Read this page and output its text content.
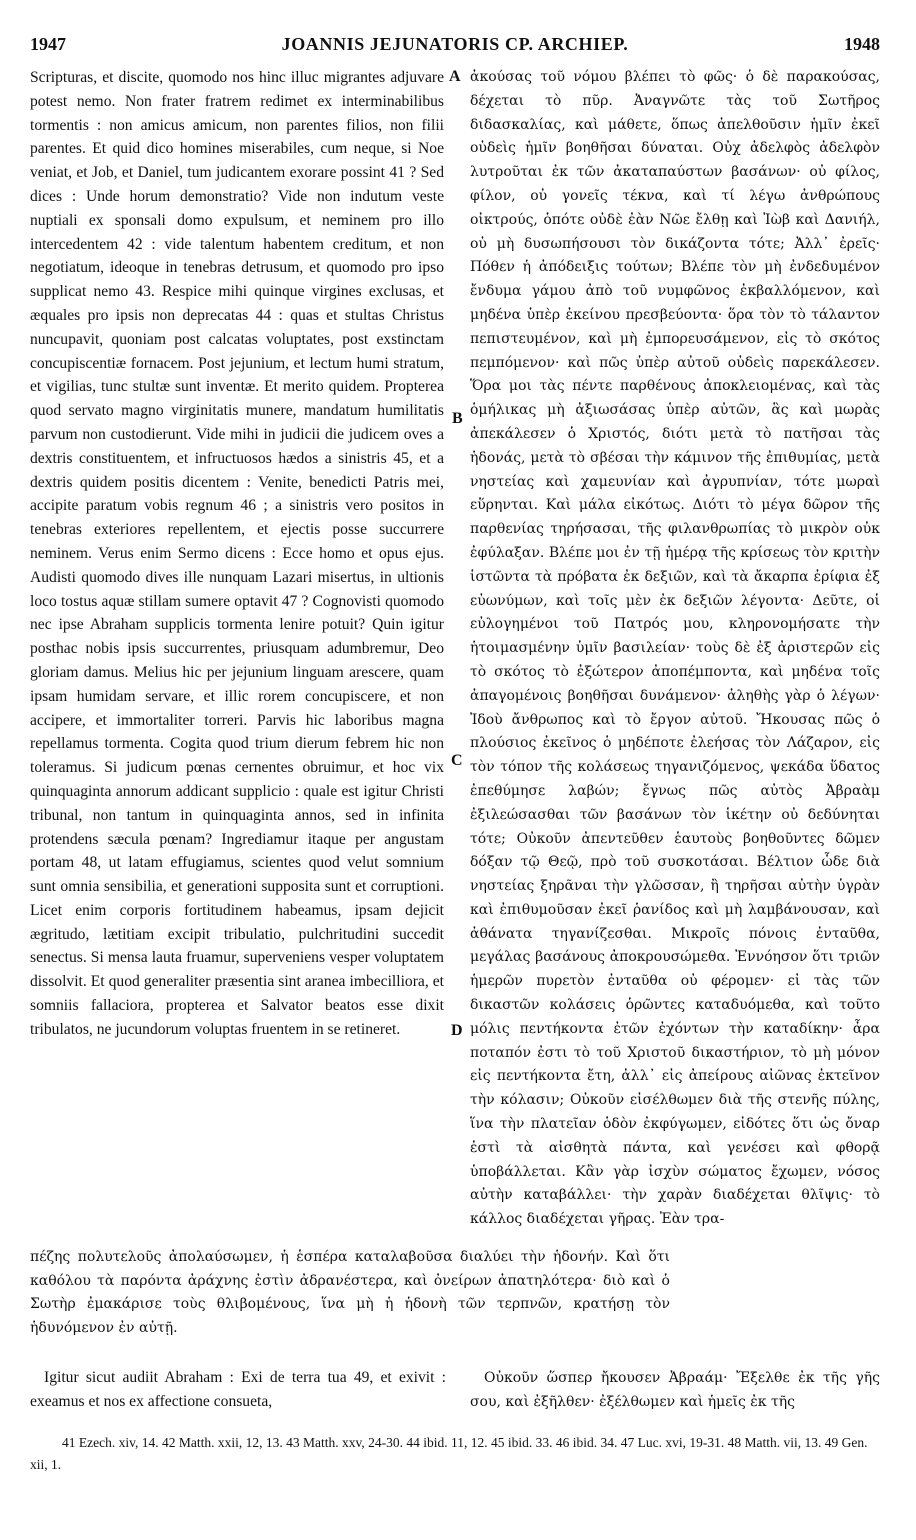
1947	JOANNIS JEJUNATORIS CP. ARCHIEP.	1948

Scripturas, et discite, quomodo nos hinc illuc migrantes adjuvare potest nemo. Non frater fratrem redimet ex interminabilibus tormentis : non amicus amicum, non parentes filios, non filii parentes. Et quid dico homines miserabiles, cum neque, si Noe veniat, et Job, et Daniel, tum judicantem exorare possint 41 ? Sed dices : Unde horum demonstratio? Vide non indutum veste nuptiali ex sponsali domo expulsum, et neminem pro illo intercedentem 42 : vide talentum habentem creditum, et non negotiatum, ideoque in tenebras detrusum, et quomodo pro ipso supplicat nemo 43. Respice mihi quinque virgines exclusas, et æquales pro ipsis non deprecatas 44 : quas et stultas Christus nuncupavit, quoniam post calcatas voluptates, post exstinctam concupiscentiæ fornacem. Post jejunium, et lectum humi stratum, et vigilias, tunc stultæ sunt inventæ. Et merito quidem. Propterea quod servato magno virginitatis munere, mandatum humilitatis parvum non custodierunt. Vide mihi in judicii die judicem oves a dextris constituentem, et infructuosos hædos a sinistris 45, et a dextris quidem positis dicentem : Venite, benedicti Patris mei, accipite paratum vobis regnum 46 ; a sinistris vero positos in tenebras exteriores repellentem, et ejectis posse succurrere neminem. Verus enim Sermo dicens : Ecce homo et opus ejus. Audisti quomodo dives ille nunquam Lazari misertus, in ultionis loco tostus aquæ stillam sumere optavit 47 ? Cognovisti quomodo nec ipse Abraham supplicis tormenta lenire potuit? Quin igitur posthac nobis ipsis succurrentes, priusquam adumbremur, Deo gloriam damus. Melius hic per jejunium linguam arescere, quam ipsam humidam servare, et illic rorem concupiscere, et non accipere, et immortaliter torreri. Parvis hic laboribus magna repellamus tormenta. Cogita quod trium dierum febrem hic non toleramus. Si judicum pœnas cernentes obruimur, et hoc vix quinquaginta annorum addicant supplicio : quale est igitur Christi tribunal, non tantum in quinquaginta annos, sed in infinita protendens sæcula pœnam? Ingrediamur itaque per angustam portam 48, ut latam effugiamus, scientes quod velut somnium sunt omnia sensibilia, et generationi supposita sunt et corruptioni. Licet enim corporis fortitudinem habeamus, ipsam dejicit ægritudo, lætitiam excipit tribulatio, pulchritudini succedit senectus. Si mensa lauta fruamur, superveniens vesper voluptatem dissolvit. Et quod generaliter præsentia sint aranea imbecilliora, et somniis fallaciora, propterea et Salvator beatos esse dixit tribulatos, ne jucundorum voluptas fruentem in se retineret.

A
B
C
D

ἀκούσας τοῦ νόμου βλέπει τὸ φῶς· ὁ δὲ παρακούσας, δέχεται τὸ πῦρ. Ἀναγνῶτε τὰς τοῦ Σωτῆρος διδασκαλίας, καὶ μάθετε, ὅπως ἀπελθοῦσιν ἡμῖν ἐκεῖ οὐδεὶς ἡμῖν βοηθῆσαι δύναται. Οὐχ ἀδελφὸς ἀδελφὸν λυτροῦται ἐκ τῶν ἀκαταπαύστων βασάνων· οὐ φίλος, φίλον, οὐ γονεῖς τέκνα, καὶ τί λέγω ἀνθρώπους οἰκτρούς, ὁπότε οὐδὲ ἐὰν Νῶε ἔλθῃ καὶ Ἰὼβ καὶ Δανιήλ, οὐ μὴ δυσωπήσουσι τὸν δικάζοντα τότε; Ἀλλ᾽ ἐρεῖς· Πόθεν ἡ ἀπόδειξις τούτων; Βλέπε τὸν μὴ ἐνδεδυμένον ἔνδυμα γάμου ἀπὸ τοῦ νυμφῶνος ἐκβαλλόμενον, καὶ μηδένα ὑπὲρ ἐκείνου πρεσβεύοντα· ὅρα τὸν τὸ τάλαντον πεπιστευμένον, καὶ μὴ ἐμπορευσάμενον, εἰς τὸ σκότος πεμπόμενον· καὶ πῶς ὑπὲρ αὐτοῦ οὐδεὶς παρεκάλεσεν. Ὅρα μοι τὰς πέντε παρθένους ἀποκλειομένας, καὶ τὰς ὁμήλικας μὴ ἀξιωσάσας ὑπὲρ αὐτῶν, ἃς καὶ μωρὰς ἀπεκάλεσεν ὁ Χριστός, διότι μετὰ τὸ πατῆσαι τὰς ἡδονάς, μετὰ τὸ σβέσαι τὴν κάμινον τῆς ἐπιθυμίας, μετὰ νηστείας καὶ χαμευνίαν καὶ ἀγρυπνίαν, τότε μωραὶ εὕρηνται. Καὶ μάλα εἰκότως. Διότι τὸ μέγα δῶρον τῆς παρθενίας τηρήσασαι, τῆς φιλανθρωπίας τὸ μικρὸν οὐκ ἐφύλαξαν. Βλέπε μοι ἐν τῇ ἡμέρᾳ τῆς κρίσεως τὸν κριτὴν ἱστῶντα τὰ πρόβατα ἐκ δεξιῶν, καὶ τὰ ἄκαρπα ἐρίφια ἐξ εὐωνύμων, καὶ τοῖς μὲν ἐκ δεξιῶν λέγοντα· Δεῦτε, οἱ εὐλογημένοι τοῦ Πατρός μου, κληρονομήσατε τὴν ἡτοιμασμένην ὑμῖν βασιλείαν· τοὺς δὲ ἐξ ἀριστερῶν εἰς τὸ σκότος τὸ ἐξώτερον ἀποπέμποντα, καὶ μηδένα τοῖς ἀπαγομένοις βοηθῆσαι δυνάμενον· ἀληθὴς γὰρ ὁ λέγων· Ἰδοὺ ἄνθρωπος καὶ τὸ ἔργον αὐτοῦ. Ἤκουσας πῶς ὁ πλούσιος ἐκεῖνος ὁ μηδέποτε ἐλεήσας τὸν Λάζαρον, εἰς τὸν τόπον τῆς κολάσεως τηγανιζόμενος, ψεκάδα ὕδατος ἐπεθύμησε λαβών; ἔγνως πῶς αὐτὸς Ἀβραὰμ ἐξιλεώσασθαι τῶν βασάνων τὸν ἱκέτην οὐ δεδύνηται τότε; Οὐκοῦν ἀπεντεῦθεν ἑαυτοὺς βοηθοῦντες δῶμεν δόξαν τῷ Θεῷ, πρὸ τοῦ συσκοτάσαι. Βέλτιον ὧδε διὰ νηστείας ξηρᾶναι τὴν γλῶσσαν, ἢ τηρῆσαι αὐτὴν ὑγρὰν καὶ ἐπιθυμοῦσαν ἐκεῖ ῥανίδος καὶ μὴ λαμβάνουσαν, καὶ ἀθάνατα τηγανίζεσθαι. Μικροῖς πόνοις ἐνταῦθα, μεγάλας βασάνους ἀποκρουσώμεθα. Ἐννόησον ὅτι τριῶν ἡμερῶν πυρετὸν ἐνταῦθα οὐ φέρομεν· εἰ τὰς τῶν δικαστῶν κολάσεις ὁρῶντες καταδυόμεθα, καὶ τοῦτο μόλις πεντήκοντα ἐτῶν ἐχόντων τὴν καταδίκην· ἆρα ποταπόν ἐστι τὸ τοῦ Χριστοῦ δικαστήριον, τὸ μὴ μόνον εἰς πεντήκοντα ἔτη, ἀλλ᾽ εἰς ἀπείρους αἰῶνας ἐκτεῖνον τὴν κόλασιν; Οὐκοῦν εἰσέλθωμεν διὰ τῆς στενῆς πύλης, ἵνα τὴν πλατεῖαν ὁδὸν ἐκφύγωμεν, εἰδότες ὅτι ὡς ὄναρ ἐστὶ τὰ αἰσθητὰ πάντα, καὶ γενέσει καὶ φθορᾷ ὑποβάλλεται. Κἂν γὰρ ἰσχὺν σώματος ἔχωμεν, νόσος αὐτὴν καταβάλλει· τὴν χαρὰν διαδέχεται θλῖψις· τὸ κάλλος διαδέχεται γῆρας. Ἐὰν τρα-

πέζης πολυτελοῦς ἀπολαύσωμεν, ἡ ἑσπέρα καταλαβοῦσα διαλύει τὴν ἡδονήν. Καὶ ὅτι καθόλου τὰ παρόντα ἀράχνης ἐστὶν ἀδρανέστερα, καὶ ὀνείρων ἀπατηλότερα· διὸ καὶ ὁ Σωτὴρ ἐμακάρισε τοὺς θλιβομένους, ἵνα μὴ ἡ ἡδονὴ τῶν τερπνῶν, κρατήσῃ τὸν ἡδυνόμενον ἐν αὐτῇ.

Igitur sicut audiit Abraham : Exi de terra tua 49, et exivit : exeamus et nos ex affectione consueta,

Οὐκοῦν ὥσπερ ἤκουσεν Ἀβραάμ· Ἔξελθε ἐκ τῆς γῆς σου, καὶ ἐξῆλθεν· ἐξέλθωμεν καὶ ἡμεῖς ἐκ τῆς

41 Ezech. xiv, 14. 42 Matth. xxii, 12, 13. 43 Matth. xxv, 24-30. 44 ibid. 11, 12. 45 ibid. 33. 46 ibid. 34. 47 Luc. xvi, 19-31. 48 Matth. vii, 13. 49 Gen. xii, 1.
